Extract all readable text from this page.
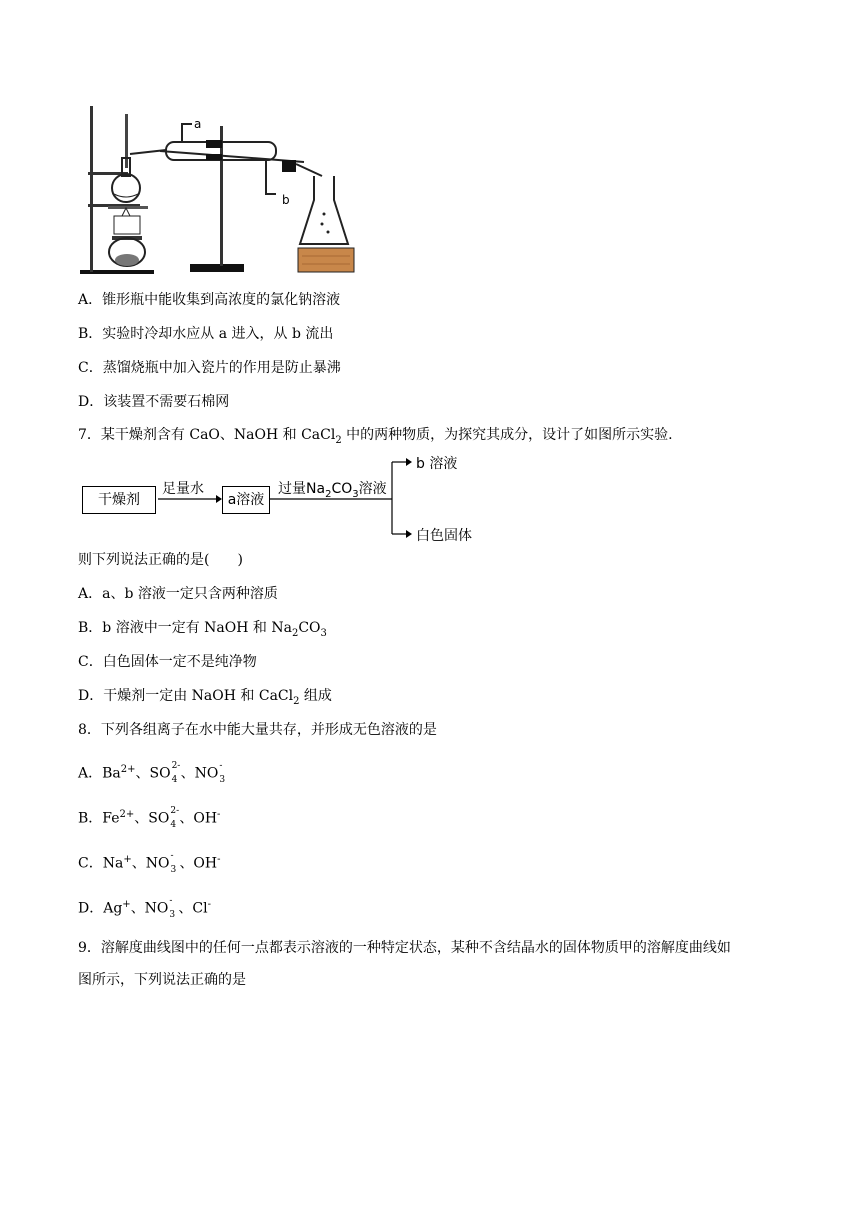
a
b
A．锥形瓶中能收集到高浓度的氯化钠溶液
B．实验时冷却水应从 a 进入，从 b 流出
C．蒸馏烧瓶中加入瓷片的作用是防止暴沸
D．该装置不需要石棉网
7．某干燥剂含有 CaO、NaOH 和 CaCl$_2$ 中的两种物质，为探究其成分，设计了如图所示实验.
干燥剂
足量水
a溶液
过量$Na_2CO_3$溶液
b 溶液
白色固体
则下列说法正确的是(　　)
A．a、b 溶液一定只含两种溶质
B．b 溶液中一定有 NaOH 和 $Na_2CO_3$
C．白色固体一定不是纯净物
D．干燥剂一定由 NaOH 和 CaCl$_2$ 组成
8．下列各组离子在水中能大量共存，并形成无色溶液的是
A．$Ba^{2+}$、SO 2-
4 、NO -
3
B．$Fe^{2+}$、SO 2-
4 、OH-
C．Na+、NO -
3 、OH-
D．Ag+、NO -
3 、Cl-
9．溶解度曲线图中的任何一点都表示溶液的一种特定状态，某种不含结晶水的固体物质甲的溶解度曲线如
图所示，下列说法正确的是
